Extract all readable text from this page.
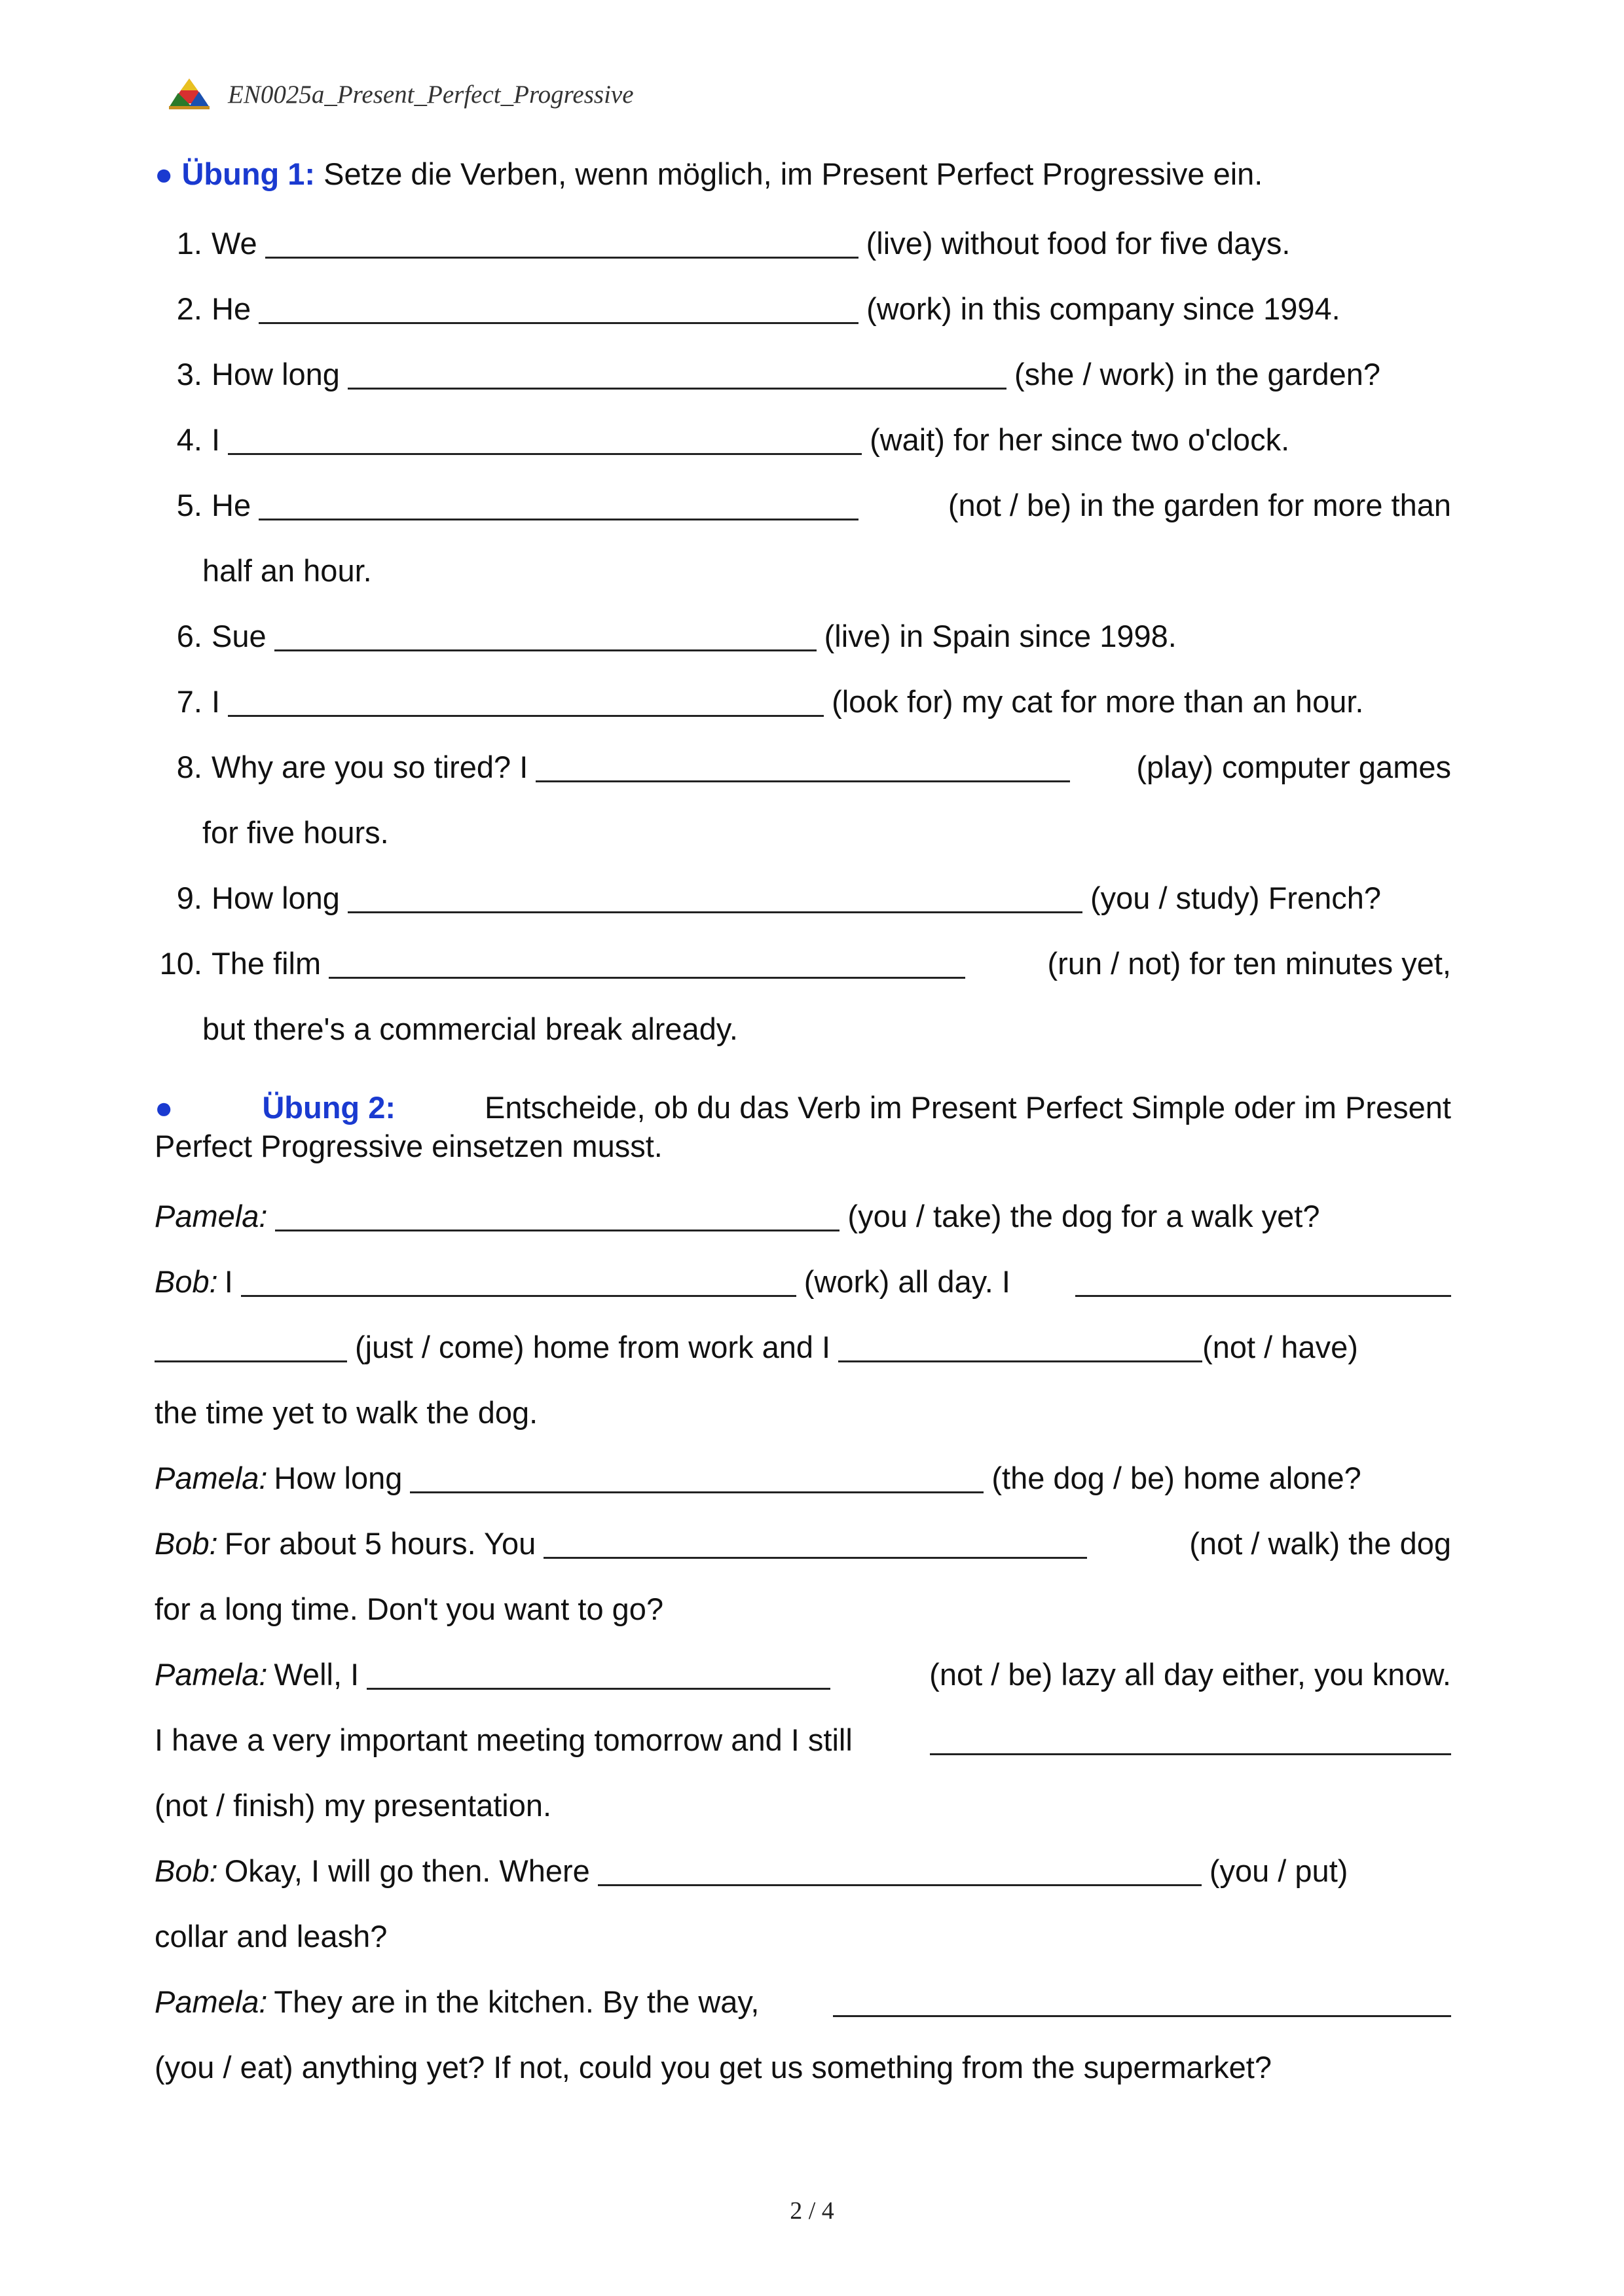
EN0025a_Present_Perfect_Progressive
● Übung 1: Setze die Verben, wenn möglich, im Present Perfect Progressive ein.
1. We	(live) without food for five days.
2. He	(work) in this company since 1994.
3. How long	(she / work) in the garden?
4. I	(wait) for her since two o'clock.
5. He	(not / be) in the garden for more than
half an hour.
6. Sue	(live) in Spain since 1998.
7. I	(look for) my cat for more than an hour.
8. Why are you so tired? I	(play) computer games
for five hours.
9. How long	(you / study) French?
10. The film	(run / not) for ten minutes yet,
but there's a commercial break already.
●	Übung 2:	Entscheide, ob du das Verb im Present Perfect Simple oder im Present
Perfect Progressive einsetzen musst.
Pamela:	(you / take) the dog for a walk yet?
Bob: I	(work) all day. I
(just / come) home from work and I	(not / have)
the time yet to walk the dog.
Pamela: How long	(the dog / be) home alone?
Bob: For about 5 hours. You	(not / walk) the dog
for a long time. Don't you want to go?
Pamela: Well, I	(not / be) lazy all day either, you know.
I have a very important meeting tomorrow and I still
(not / finish) my presentation.
Bob: Okay, I will go then. Where	(you / put)
collar and leash?
Pamela: They are in the kitchen. By the way,
(you / eat) anything yet? If not, could you get us something from the supermarket?
2 / 4
